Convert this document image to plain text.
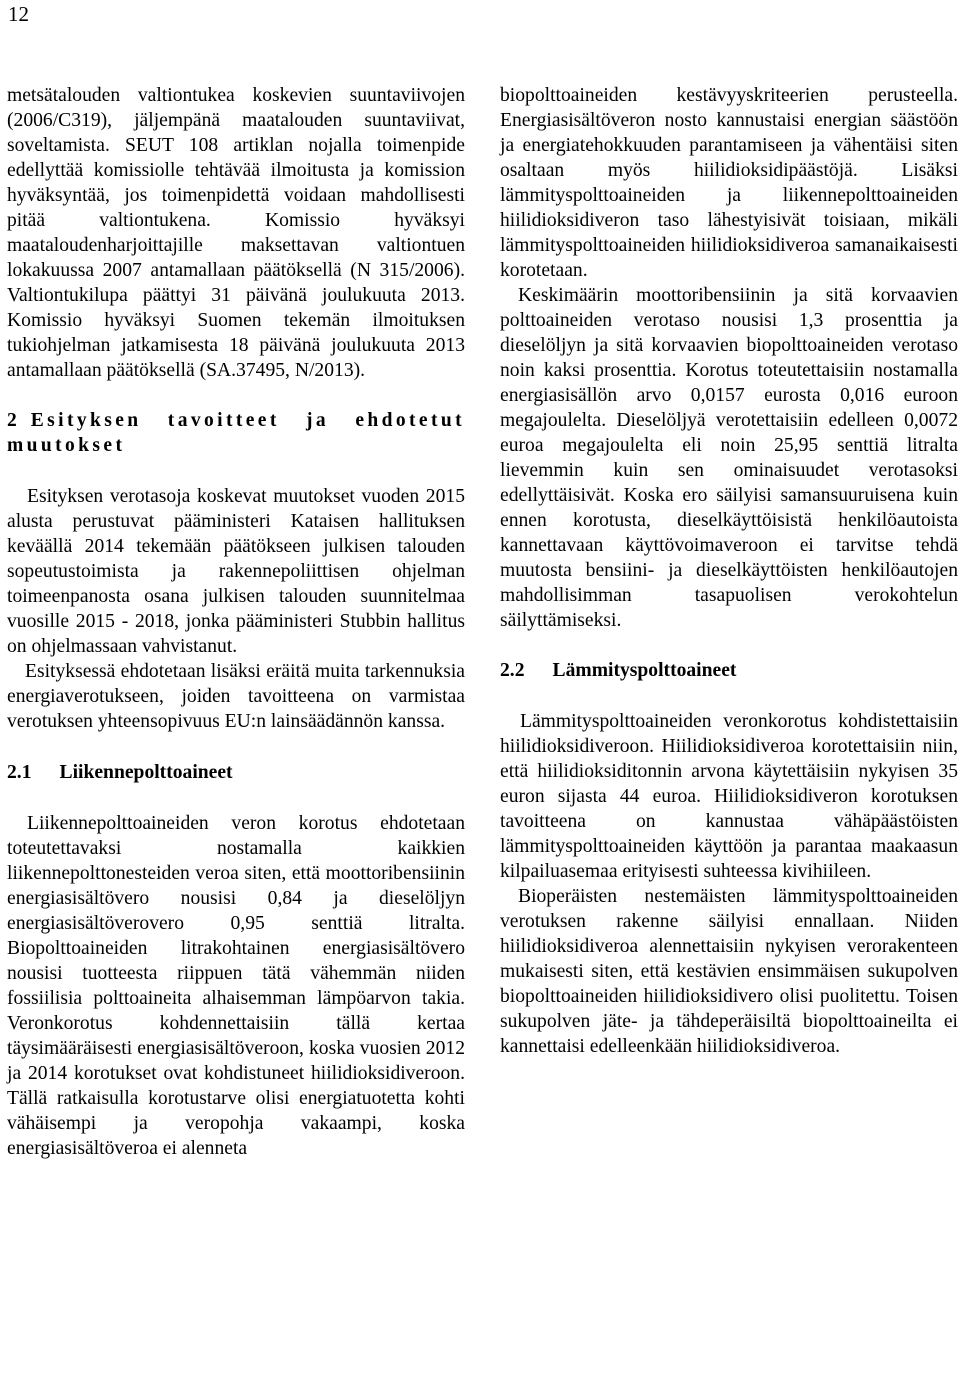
12

metsätalouden valtiontukea koskevien suuntaviivojen (2006/C319), jäljempänä maatalouden suuntaviivat, soveltamista. SEUT 108 artiklan nojalla toimenpide edellyttää komissiolle tehtävää ilmoitusta ja komission hyväksyntää, jos toimenpidettä voidaan mahdollisesti pitää valtiontukena. Komissio hyväksyi maataloudenharjoittajille maksettavan valtiontuen lokakuussa 2007 antamallaan päätöksellä (N 315/2006). Valtiontukilupa päättyi 31 päivänä joulukuuta 2013. Komissio hyväksyi Suomen tekemän ilmoituksen tukiohjelman jatkamisesta 18 päivänä joulukuuta 2013 antamallaan päätöksellä (SA.37495, N/2013).

2 Esityksen tavoitteet ja ehdotetut muutokset

Esityksen verotasoja koskevat muutokset vuoden 2015 alusta perustuvat pääministeri Kataisen hallituksen keväällä 2014 tekemään päätökseen julkisen talouden sopeutustoimista ja rakennepoliittisen ohjelman toimeenpanosta osana julkisen talouden suunnitelmaa vuosille 2015 - 2018, jonka pääministeri Stubbin hallitus on ohjelmassaan vahvistanut.

Esityksessä ehdotetaan lisäksi eräitä muita tarkennuksia energiaverotukseen, joiden tavoitteena on varmistaa verotuksen yhteensopivuus EU:n lainsäädännön kanssa.

2.1 Liikennepolttoaineet

Liikennepolttoaineiden veron korotus ehdotetaan toteutettavaksi nostamalla kaikkien liikennepolttonesteiden veroa siten, että moottoribensiinin energiasisältövero nousisi 0,84 ja dieselöljyn energiasisältöverovero 0,95 senttiä litralta. Biopolttoaineiden litrakohtainen energiasisältövero nousisi tuotteesta riippuen tätä vähemmän niiden fossiilisia polttoaineita alhaisemman lämpöarvon takia. Veronkorotus kohdennettaisiin tällä kertaa täysimääräisesti energiasisältöveroon, koska vuosien 2012 ja 2014 korotukset ovat kohdistuneet hiilidioksidiveroon. Tällä ratkaisulla korotustarve olisi energiatuotetta kohti vähäisempi ja veropohja vakaampi, koska energiasisältöveroa ei alenneta

biopolttoaineiden kestävyyskriteerien perusteella. Energiasisältöveron nosto kannustaisi energian säästöön ja energiatehokkuuden parantamiseen ja vähentäisi siten osaltaan myös hiilidioksidipäästöjä. Lisäksi lämmityspolttoaineiden ja liikennepolttoaineiden hiilidioksidiveron taso lähestyisivät toisiaan, mikäli lämmityspolttoaineiden hiilidioksidiveroa samanaikaisesti korotetaan.

Keskimäärin moottoribensiinin ja sitä korvaavien polttoaineiden verotaso nousisi 1,3 prosenttia ja dieselöljyn ja sitä korvaavien biopolttoaineiden verotaso noin kaksi prosenttia. Korotus toteutettaisiin nostamalla energiasisällön arvo 0,0157 eurosta 0,016 euroon megajoulelta. Dieselöljyä verotettaisiin edelleen 0,0072 euroa megajoulelta eli noin 25,95 senttiä litralta lievemmin kuin sen ominaisuudet verotasoksi edellyttäisivät. Koska ero säilyisi samansuuruisena kuin ennen korotusta, dieselkäyttöisistä henkilöautoista kannettavaan käyttövoimaveroon ei tarvitse tehdä muutosta bensiini- ja dieselkäyttöisten henkilöautojen mahdollisimman tasapuolisen verokohtelun säilyttämiseksi.

2.2 Lämmityspolttoaineet

Lämmityspolttoaineiden veronkorotus kohdistettaisiin hiilidioksidiveroon. Hiilidioksidiveroa korotettaisiin niin, että hiilidioksiditonnin arvona käytettäisiin nykyisen 35 euron sijasta 44 euroa. Hiilidioksidiveron korotuksen tavoitteena on kannustaa vähäpäästöisten lämmityspolttoaineiden käyttöön ja parantaa maakaasun kilpailuasemaa erityisesti suhteessa kivihiileen.

Bioperäisten nestemäisten lämmityspolttoaineiden verotuksen rakenne säilyisi ennallaan. Niiden hiilidioksidiveroa alennettaisiin nykyisen verorakenteen mukaisesti siten, että kestävien ensimmäisen sukupolven biopolttoaineiden hiilidioksidivero olisi puolitettu. Toisen sukupolven jäte- ja tähdeperäisiltä biopolttoaineilta ei kannettaisi edelleenkään hiilidioksidiveroa.
